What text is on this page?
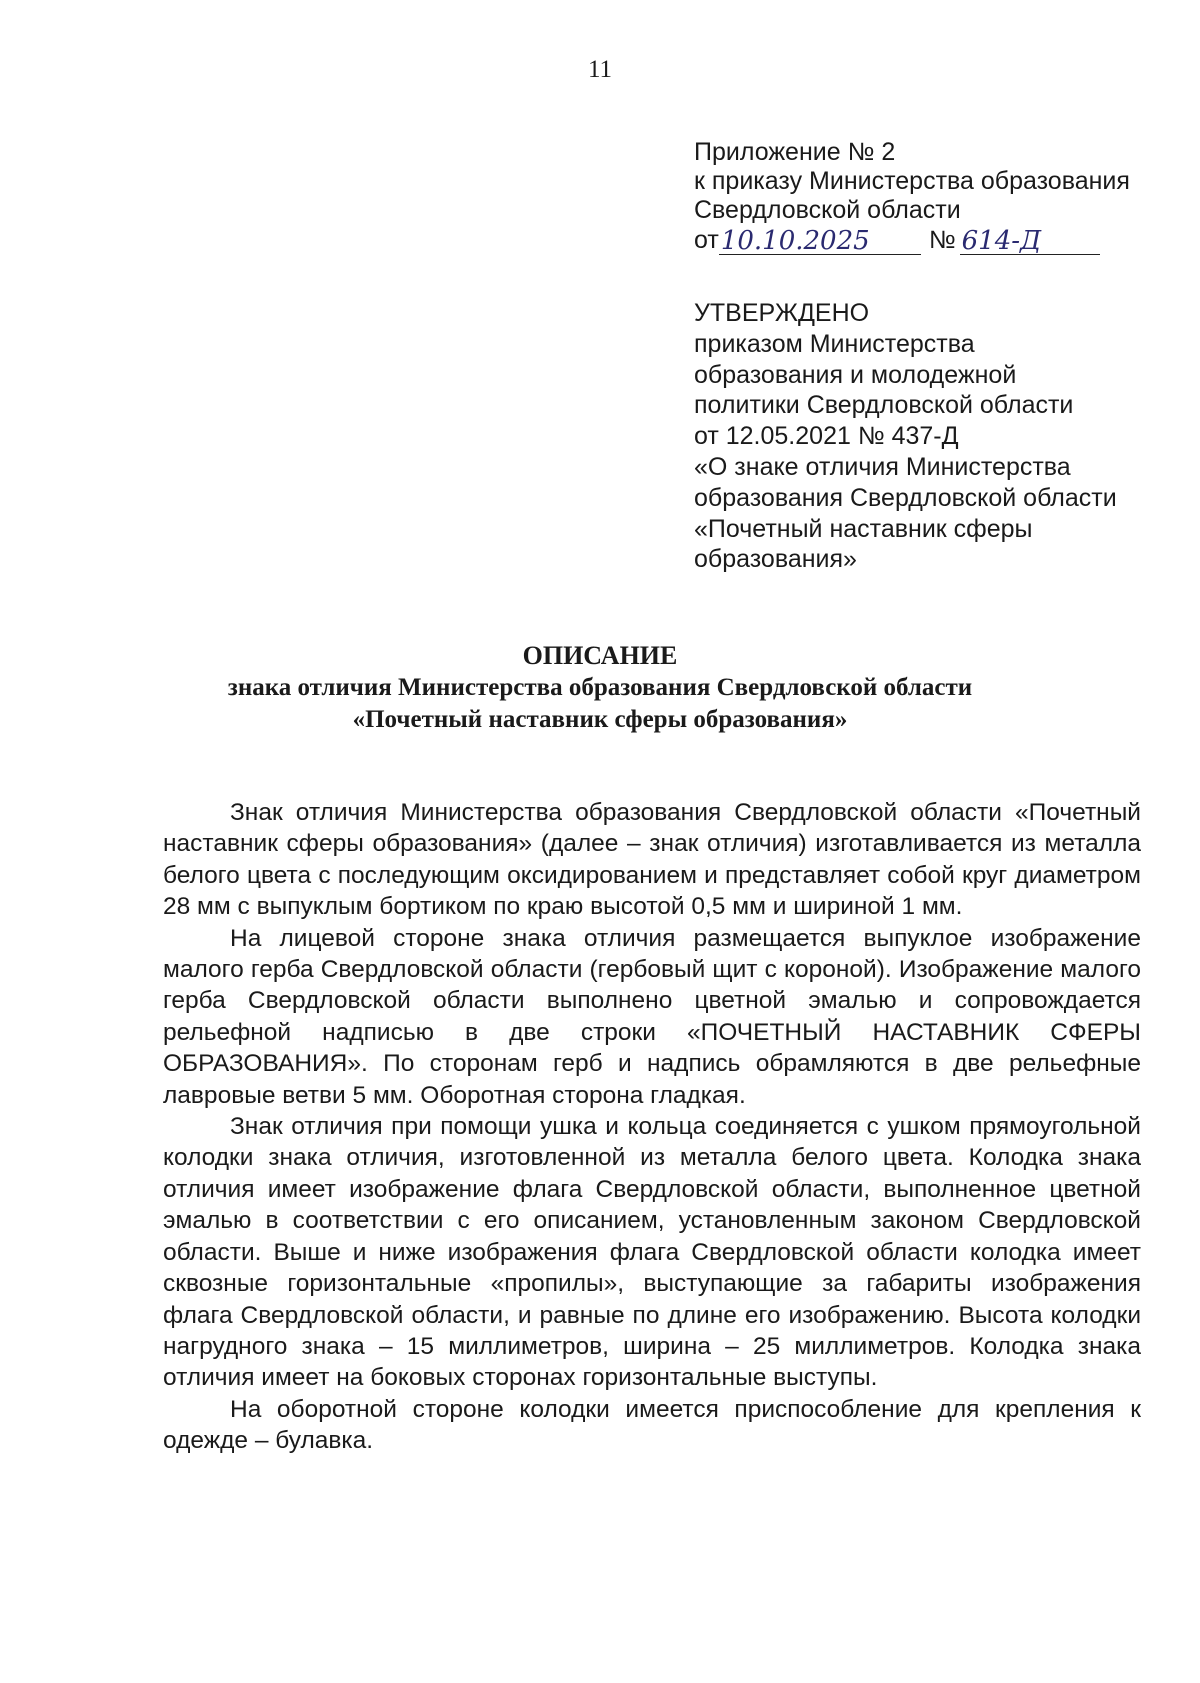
11
Приложение № 2
к приказу Министерства образования
Свердловской области
от 10.10.2025	№ 614-Д
УТВЕРЖДЕНО
приказом Министерства
образования и молодежной
политики Свердловской области
от 12.05.2021 № 437-Д
«О знаке отличия Министерства
образования Свердловской области
«Почетный наставник сферы
образования»
ОПИСАНИЕ
знака отличия Министерства образования Свердловской области
«Почетный наставник сферы образования»

Знак отличия Министерства образования Свердловской области «Почетный наставник сферы образования» (далее – знак отличия) изготавливается из металла белого цвета с последующим оксидированием и представляет собой круг диаметром 28 мм с выпуклым бортиком по краю высотой 0,5 мм и шириной 1 мм.

На лицевой стороне знака отличия размещается выпуклое изображение малого герба Свердловской области (гербовый щит с короной). Изображение малого герба Свердловской области выполнено цветной эмалью и сопровождается рельефной надписью в две строки «ПОЧЕТНЫЙ НАСТАВНИК СФЕРЫ ОБРАЗОВАНИЯ». По сторонам герб и надпись обрамляются в две рельефные лавровые ветви 5 мм. Оборотная сторона гладкая.

Знак отличия при помощи ушка и кольца соединяется с ушком прямоугольной колодки знака отличия, изготовленной из металла белого цвета. Колодка знака отличия имеет изображение флага Свердловской области, выполненное цветной эмалью в соответствии с его описанием, установленным законом Свердловской области. Выше и ниже изображения флага Свердловской области колодка имеет сквозные горизонтальные «пропилы», выступающие за габариты изображения флага Свердловской области, и равные по длине его изображению. Высота колодки нагрудного знака – 15 миллиметров, ширина – 25 миллиметров. Колодка знака отличия имеет на боковых сторонах горизонтальные выступы.

На оборотной стороне колодки имеется приспособление для крепления к одежде – булавка.
